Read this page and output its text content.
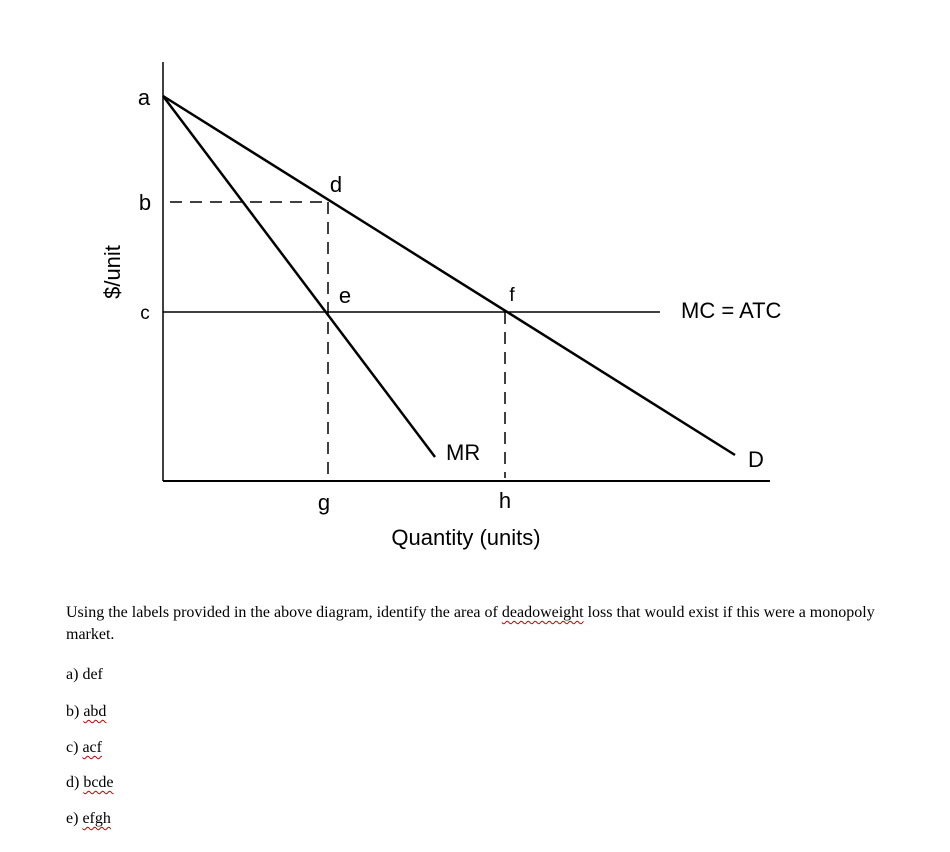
a
b
c
d
e	f
g	h
MC = ATC
MR	D
$/unit
Quantity (units)
Using the labels provided in the above diagram, identify the area of deadoweight loss that would exist if this were a monopoly market.
a) def
b) abd
c) acf
d) bcde
e) efgh
